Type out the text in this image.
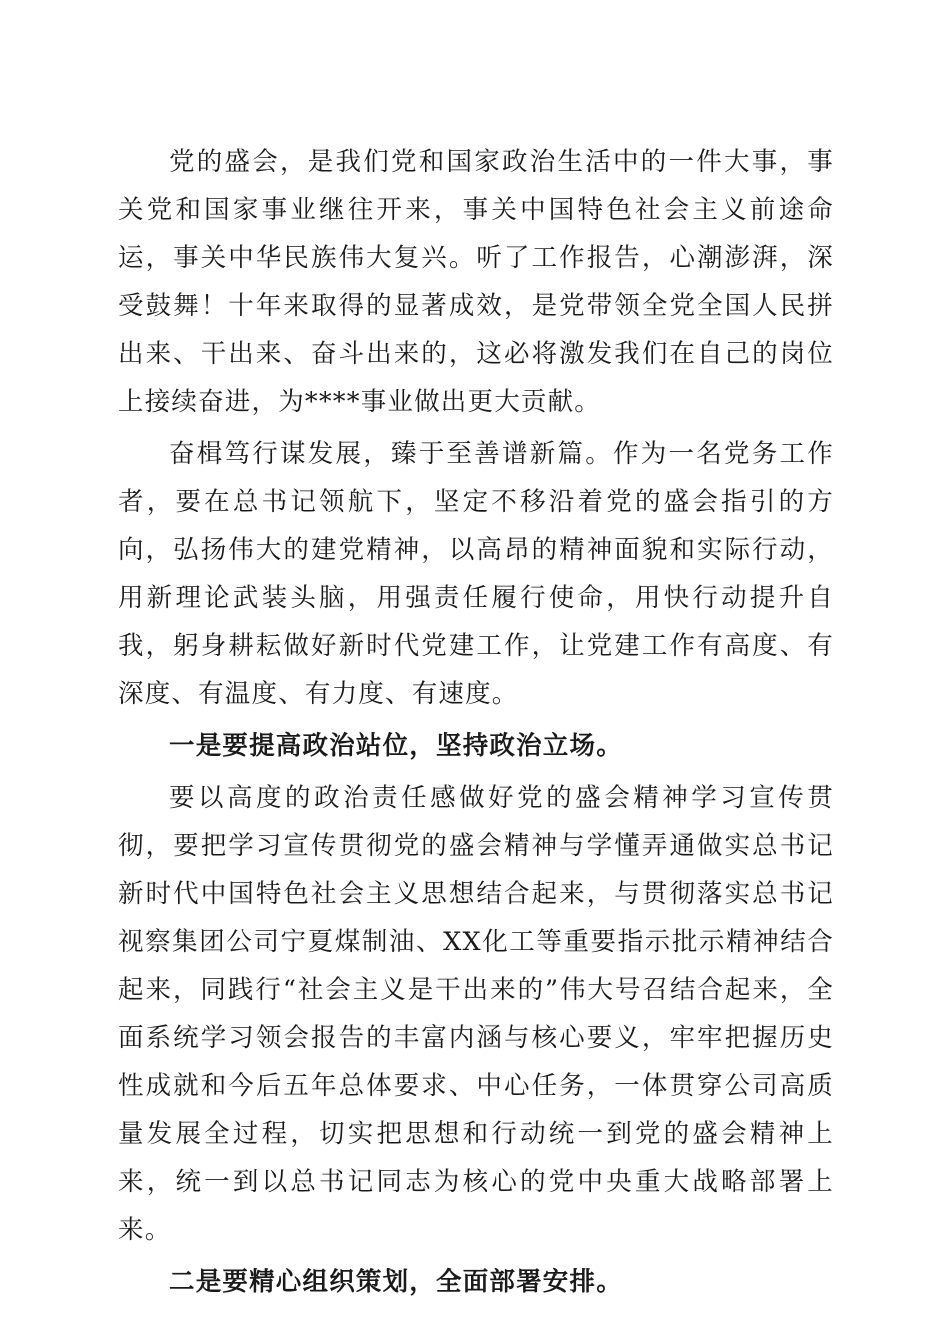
党的盛会，是我们党和国家政治生活中的一件大事，事关党和国家事业继往开来，事关中国特色社会主义前途命运，事关中华民族伟大复兴。听了工作报告，心潮澎湃，深受鼓舞！十年来取得的显著成效，是党带领全党全国人民拼出来、干出来、奋斗出来的，这必将激发我们在自己的岗位上接续奋进，为****事业做出更大贡献。

奋楫笃行谋发展，臻于至善谱新篇。作为一名党务工作者，要在总书记领航下，坚定不移沿着党的盛会指引的方向，弘扬伟大的建党精神，以高昂的精神面貌和实际行动，用新理论武装头脑，用强责任履行使命，用快行动提升自我，躬身耕耘做好新时代党建工作，让党建工作有高度、有深度、有温度、有力度、有速度。

一是要提高政治站位，坚持政治立场。

要以高度的政治责任感做好党的盛会精神学习宣传贯彻，要把学习宣传贯彻党的盛会精神与学懂弄通做实总书记新时代中国特色社会主义思想结合起来，与贯彻落实总书记视察集团公司宁夏煤制油、XX化工等重要指示批示精神结合起来，同践行“社会主义是干出来的”伟大号召结合起来，全面系统学习领会报告的丰富内涵与核心要义，牢牢把握历史性成就和今后五年总体要求、中心任务，一体贯穿公司高质量发展全过程，切实把思想和行动统一到党的盛会精神上来，统一到以总书记同志为核心的党中央重大战略部署上来。

二是要精心组织策划，全面部署安排。
